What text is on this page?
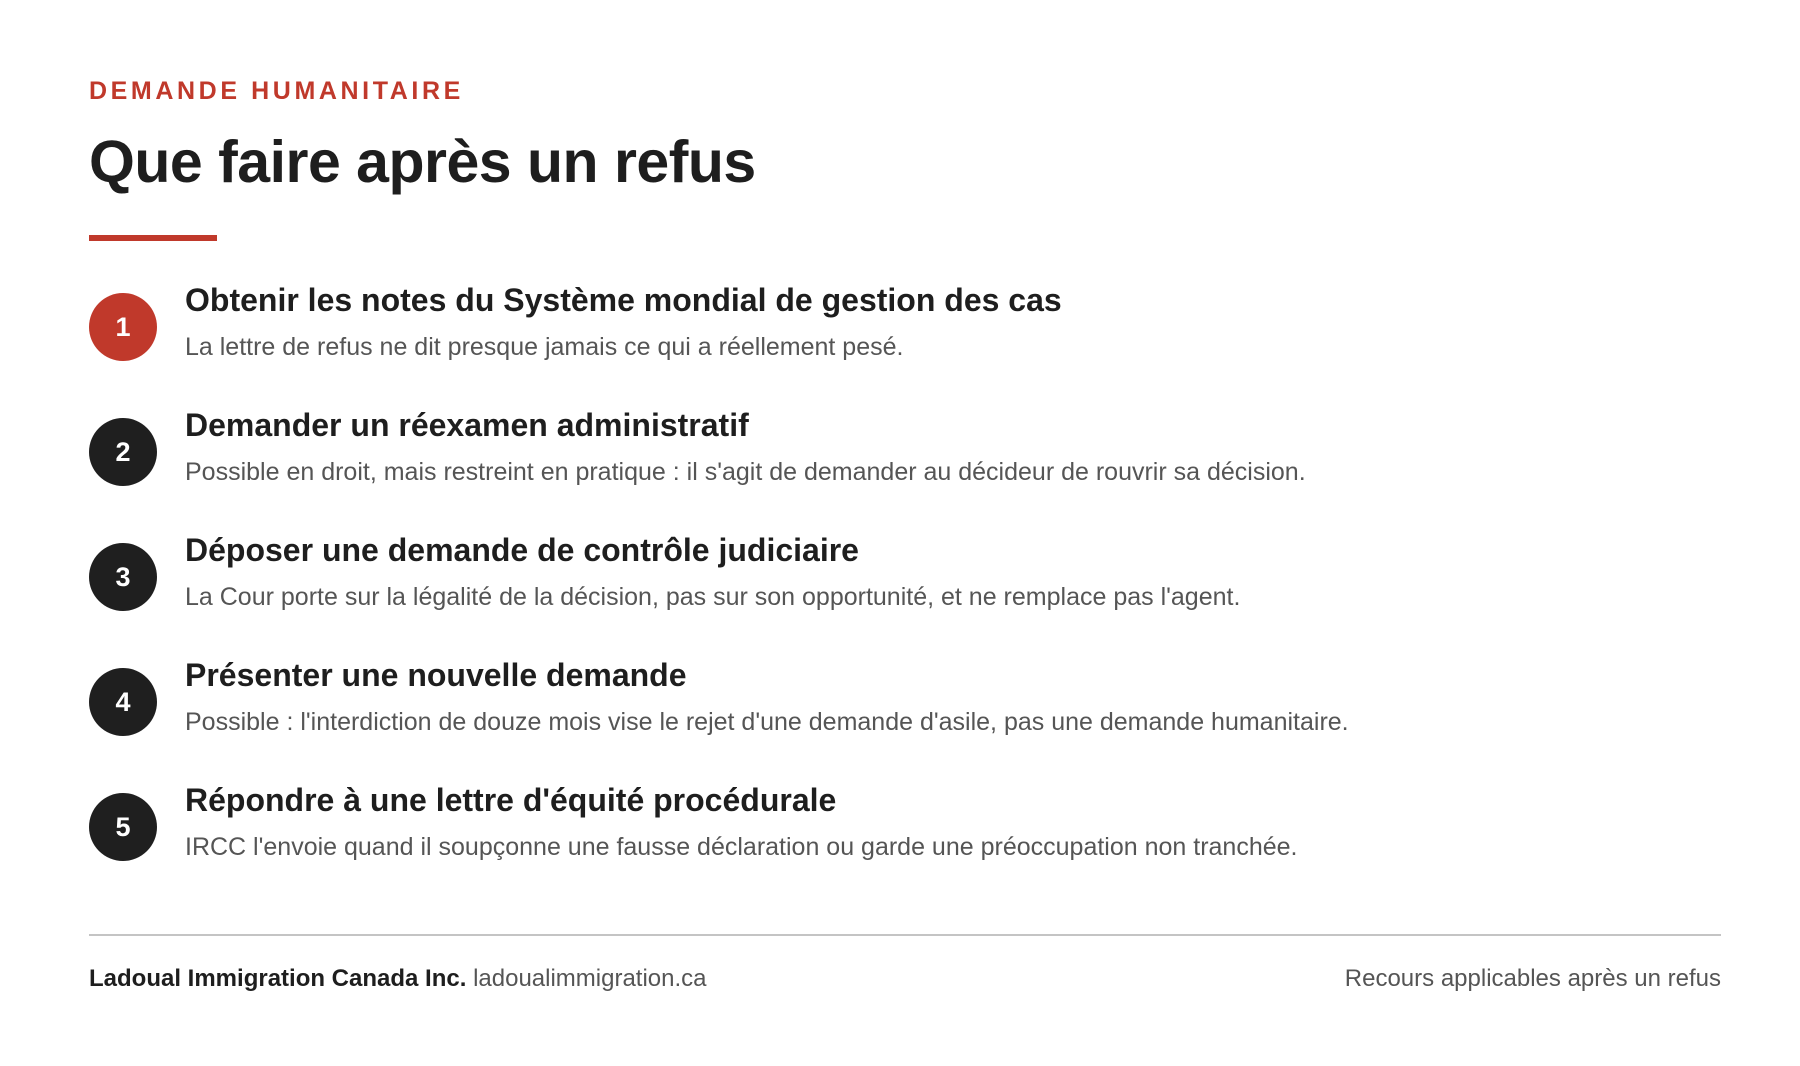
DEMANDE HUMANITAIRE
Que faire après un refus
1
Obtenir les notes du Système mondial de gestion des cas
La lettre de refus ne dit presque jamais ce qui a réellement pesé.
2
Demander un réexamen administratif
Possible en droit, mais restreint en pratique : il s'agit de demander au décideur de rouvrir sa décision.
3
Déposer une demande de contrôle judiciaire
La Cour porte sur la légalité de la décision, pas sur son opportunité, et ne remplace pas l'agent.
4
Présenter une nouvelle demande
Possible : l'interdiction de douze mois vise le rejet d'une demande d'asile, pas une demande humanitaire.
5
Répondre à une lettre d'équité procédurale
IRCC l'envoie quand il soupçonne une fausse déclaration ou garde une préoccupation non tranchée.
Ladoual Immigration Canada Inc. ladoualimmigration.ca	Recours applicables après un refus
